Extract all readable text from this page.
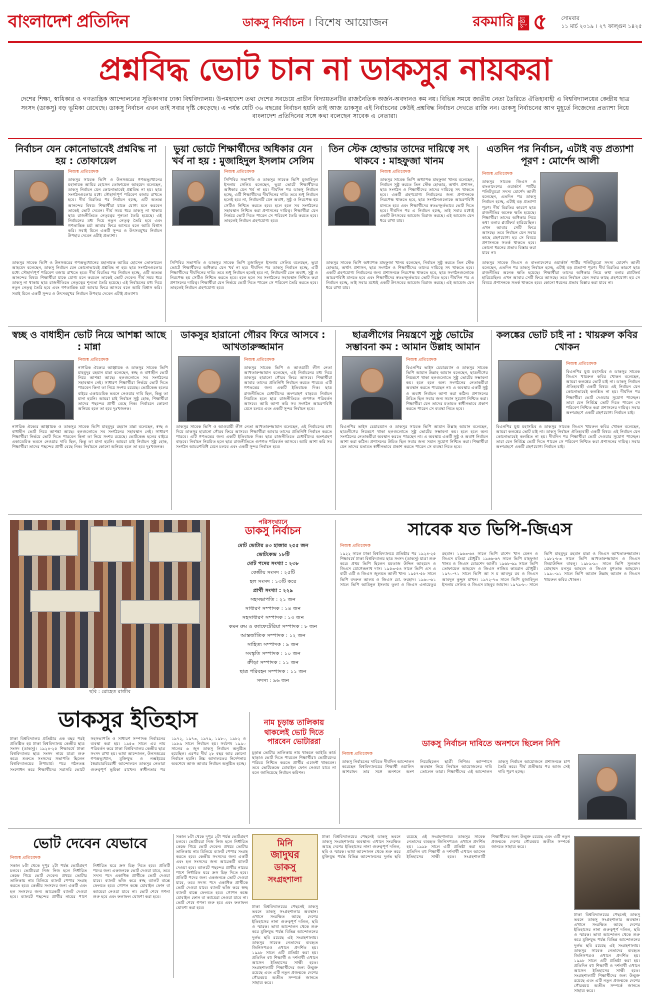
বাংলাদেশ প্রতিদিন	ডাকসু নির্বাচন । বিশেষ আয়োজন	রকমারি পৃষ্ঠা ৫	সোমবার
১১ মার্চ ২০১৯ । ২৭ ফাল্গুন ১৪২৫
প্রশ্নবিদ্ধ ভোট চান না ডাকসুর নায়করা
দেশের শিক্ষা, স্বাধিকার ও গণতান্ত্রিক আন্দোলনের সূতিকাগার ঢাকা বিশ্ববিদ্যালয়। উপমহাদেশ তথা দেশের সবচেয়ে প্রাচীন বিদ্যায়তনটির রাজনৈতিক অর্জন-অবদানও কম নয়। বিভিন্ন সময়ে জাতীয় নেতা তৈরিতে ঐতিহ্যবাহী এ বিশ্ববিদ্যালয়ের কেন্দ্রীয় ছাত্র সংসদ (ডাকসু) বড় ভূমিকা রেখেছে। ডাকসু নির্বাচন এখন তাই সবার দৃষ্টি কেড়েছে। এ পর্যন্ত যেটি ৩৬ বছরের নির্বাচন হয়নি তাই আজ ডাকসুর এই নির্বাচনের কেউই প্রশ্নবিদ্ধ নির্বাচন দেখতে রাজি নন। ডাকসু নির্বাচনের আগ মুহূর্তে নিজেদের প্রত্যাশা নিয়ে বাংলাদেশ প্রতিদিনের সঙ্গে কথা বলেছেন সাবেক এ নেতারা।
নির্বাচন যেন কোনোভাবেই প্রশ্নবিদ্ধ না হয় : তোফায়েল
নিজস্ব প্রতিবেদক
ডাকসুর সাবেক ভিপি ও উনসত্তরের গণঅভ্যুত্থানের মহানায়ক আমির হোসেন তোফায়েল আহমেদ বলেছেন, ডাকসু নির্বাচন যেন কোনোভাবেই প্রশ্নবিদ্ধ না হয়। ছাত্র সংগঠনগুলোর মধ্যে সৌহার্দ্যপূর্ণ পরিবেশ বজায় রাখতে হবে। দীর্ঘ বিরতির পর নির্বাচন হচ্ছে, এটি অত্যন্ত আনন্দের বিষয়। শিক্ষার্থীরা যাকে যোগ্য মনে করবেন তাকেই ভোট দেবেন। দীর্ঘ সময় ধরে ডাকসু না থাকায় ছাত্র রাজনীতিতে নেতৃত্বের শূন্যতা তৈরি হয়েছে। এই নির্বাচনের মধ্য দিয়ে নতুন নেতৃত্ব তৈরি হবে এবং গণতান্ত্রিক চর্চা আবার ফিরে আসবে বলে আমি বিশ্বাস করি। সবাই মিলে একটি সুন্দর ও উৎসবমুখর নির্বাচন উপহার দেবেন এটাই প্রত্যাশা।
ডাকসুর সাবেক ভিপি ও উনসত্তরের গণঅভ্যুত্থানের মহানায়ক আমির হোসেন তোফায়েল আহমেদ বলেছেন, ডাকসু নির্বাচন যেন কোনোভাবেই প্রশ্নবিদ্ধ না হয়। ছাত্র সংগঠনগুলোর মধ্যে সৌহার্দ্যপূর্ণ পরিবেশ বজায় রাখতে হবে। দীর্ঘ বিরতির পর নির্বাচন হচ্ছে, এটি অত্যন্ত আনন্দের বিষয়। শিক্ষার্থীরা যাকে যোগ্য মনে করবেন তাকেই ভোট দেবেন। দীর্ঘ সময় ধরে ডাকসু না থাকায় ছাত্র রাজনীতিতে নেতৃত্বের শূন্যতা তৈরি হয়েছে। এই নির্বাচনের মধ্য দিয়ে নতুন নেতৃত্ব তৈরি হবে এবং গণতান্ত্রিক চর্চা আবার ফিরে আসবে বলে আমি বিশ্বাস করি। সবাই মিলে একটি সুন্দর ও উৎসবমুখর নির্বাচন উপহার দেবেন এটাই প্রত্যাশা।
ভুয়া ভোটে শিক্ষার্থীদের অধিকার যেন খর্ব না হয় : মুজাহিদুল ইসলাম সেলিম
নিজস্ব প্রতিবেদক
সিপিবির সভাপতি ও ডাকসুর সাবেক ভিপি মুজাহিদুল ইসলাম সেলিম বলেছেন, ভুয়া ভোটে শিক্ষার্থীদের অধিকার যেন খর্ব না হয়। দীর্ঘদিন পর ডাকসু নির্বাচন হচ্ছে, এটি শিক্ষার্থীদের দীর্ঘদিনের দাবি। তবে শুধু নির্বাচন হলেই হবে না, নির্বাচনটি যেন অবাধ, সুষ্ঠু ও নিরপেক্ষ হয় সেটিও নিশ্চিত করতে হবে। হলে হলে সব সংগঠনের সহাবস্থান নিশ্চিত করা প্রশাসনের দায়িত্ব। শিক্ষার্থীরা যেন নির্ভয়ে ভোট দিতে পারেন সে পরিবেশ তৈরি করতে হবে। তাহলেই নির্বাচন গ্রহণযোগ্য হবে।
সিপিবির সভাপতি ও ডাকসুর সাবেক ভিপি মুজাহিদুল ইসলাম সেলিম বলেছেন, ভুয়া ভোটে শিক্ষার্থীদের অধিকার যেন খর্ব না হয়। দীর্ঘদিন পর ডাকসু নির্বাচন হচ্ছে, এটি শিক্ষার্থীদের দীর্ঘদিনের দাবি। তবে শুধু নির্বাচন হলেই হবে না, নির্বাচনটি যেন অবাধ, সুষ্ঠু ও নিরপেক্ষ হয় সেটিও নিশ্চিত করতে হবে। হলে হলে সব সংগঠনের সহাবস্থান নিশ্চিত করা প্রশাসনের দায়িত্ব। শিক্ষার্থীরা যেন নির্ভয়ে ভোট দিতে পারেন সে পরিবেশ তৈরি করতে হবে। তাহলেই নির্বাচন গ্রহণযোগ্য হবে।
তিন স্টেক হোল্ডার তাদের দায়িত্বে সৎ থাকবে : মাহফুজা খানম
নিজস্ব প্রতিবেদক
ডাকসুর সাবেক ভিপি অধ্যাপক মাহফুজা খানম বলেছেন, নির্বাচন সুষ্ঠু করতে তিন স্টেক হোল্ডার, অর্থাৎ প্রশাসন, ছাত্র সংগঠন ও শিক্ষার্থীদের তাদের দায়িত্বে সৎ থাকতে হবে। একটি গ্রহণযোগ্য নির্বাচনের জন্য প্রশাসনকে নিরপেক্ষ থাকতে হবে, ছাত্র সংগঠনগুলোকে আচরণবিধি মানতে হবে এবং শিক্ষার্থীদের স্বতঃস্ফূর্তভাবে ভোট দিতে হবে। দীর্ঘদিন পর এ নির্বাচন হচ্ছে, তাই সবার মধ্যেই একটি উৎসবের আমেজ বিরাজ করছে। এই আমেজ যেন ধরে রাখা যায়।
ডাকসুর সাবেক ভিপি অধ্যাপক মাহফুজা খানম বলেছেন, নির্বাচন সুষ্ঠু করতে তিন স্টেক হোল্ডার, অর্থাৎ প্রশাসন, ছাত্র সংগঠন ও শিক্ষার্থীদের তাদের দায়িত্বে সৎ থাকতে হবে। একটি গ্রহণযোগ্য নির্বাচনের জন্য প্রশাসনকে নিরপেক্ষ থাকতে হবে, ছাত্র সংগঠনগুলোকে আচরণবিধি মানতে হবে এবং শিক্ষার্থীদের স্বতঃস্ফূর্তভাবে ভোট দিতে হবে। দীর্ঘদিন পর এ নির্বাচন হচ্ছে, তাই সবার মধ্যেই একটি উৎসবের আমেজ বিরাজ করছে। এই আমেজ যেন ধরে রাখা যায়।
এতদিন পর নির্বাচন, এটাই বড় প্রত্যাশা পূরণ : মোর্শেদ আলী
নিজস্ব প্রতিবেদক
ডাকসুর সাবেক জিএস ও বাংলাদেশের ওয়ার্কার্স পার্টির পলিটব্যুরো সদস্য মোর্শেদ আলী বলেছেন, এতদিন পর ডাকসু নির্বাচন হচ্ছে, এটাই বড় প্রত্যাশা পূরণ। দীর্ঘ বিরতির কারণে ছাত্র রাজনীতির অনেক ক্ষতি হয়েছে। শিক্ষার্থীরা তাদের অধিকার নিয়ে কথা বলার প্ল্যাটফর্ম হারিয়েছিল। এখন আবার সেটি ফিরে আসছে। তবে নির্বাচন যেন সবার কাছে গ্রহণযোগ্য হয় সে বিষয়ে প্রশাসনকে সতর্ক থাকতে হবে। কোনো ধরনের প্রভাব বিস্তার করা যাবে না।
ডাকসুর সাবেক জিএস ও বাংলাদেশের ওয়ার্কার্স পার্টির পলিটব্যুরো সদস্য মোর্শেদ আলী বলেছেন, এতদিন পর ডাকসু নির্বাচন হচ্ছে, এটাই বড় প্রত্যাশা পূরণ। দীর্ঘ বিরতির কারণে ছাত্র রাজনীতির অনেক ক্ষতি হয়েছে। শিক্ষার্থীরা তাদের অধিকার নিয়ে কথা বলার প্ল্যাটফর্ম হারিয়েছিল। এখন আবার সেটি ফিরে আসছে। তবে নির্বাচন যেন সবার কাছে গ্রহণযোগ্য হয় সে বিষয়ে প্রশাসনকে সতর্ক থাকতে হবে। কোনো ধরনের প্রভাব বিস্তার করা যাবে না।
স্বচ্ছ ও বাধাহীন ভোট নিয়ে আশঙ্কা আছে : মান্না
নিজস্ব প্রতিবেদক
নাগরিক ঐক্যের আহ্বায়ক ও ডাকসুর সাবেক ভিপি মাহমুদুর রহমান মান্না বলেছেন, স্বচ্ছ ও বাধাহীন ভোট নিয়ে আশঙ্কা আছে। হলগুলোতে সব সংগঠনের সহাবস্থান নেই। সাধারণ শিক্ষার্থীরা নির্ভয়ে ভোট দিতে পারবেন কিনা তা নিয়ে সংশয় রয়েছে। ভোটকেন্দ্র হলের বাইরে একাডেমিক ভবনে নেওয়ার দাবি ছিল, কিন্তু তা মানা হয়নি। আমরা চাই নির্বাচন সুষ্ঠু হোক, শিক্ষার্থীরা তাদের পছন্দের প্রার্থী বেছে নিক। নির্বাচনে কোনো অনিয়ম হলে তা হবে দুঃখজনক।
নাগরিক ঐক্যের আহ্বায়ক ও ডাকসুর সাবেক ভিপি মাহমুদুর রহমান মান্না বলেছেন, স্বচ্ছ ও বাধাহীন ভোট নিয়ে আশঙ্কা আছে। হলগুলোতে সব সংগঠনের সহাবস্থান নেই। সাধারণ শিক্ষার্থীরা নির্ভয়ে ভোট দিতে পারবেন কিনা তা নিয়ে সংশয় রয়েছে। ভোটকেন্দ্র হলের বাইরে একাডেমিক ভবনে নেওয়ার দাবি ছিল, কিন্তু তা মানা হয়নি। আমরা চাই নির্বাচন সুষ্ঠু হোক, শিক্ষার্থীরা তাদের পছন্দের প্রার্থী বেছে নিক। নির্বাচনে কোনো অনিয়ম হলে তা হবে দুঃখজনক।
ডাকসুর হারানো গৌরব ফিরে আসবে : আখতারুজ্জামান
নিজস্ব প্রতিবেদক
ডাকসুর সাবেক ভিপি ও আওয়ামী লীগ নেতা আখতারুজ্জামান বলেছেন, এই নির্বাচনের মধ্য দিয়ে ডাকসুর হারানো গৌরব ফিরে আসবে। শিক্ষার্থীরা আবার তাদের প্রতিনিধি নির্বাচন করতে পারবে। এটি গণতন্ত্রের জন্য একটি ইতিবাচক দিক। ছাত্র রাজনীতিতে মেধাবীদের অংশগ্রহণ বাড়বে। নির্বাচন নিয়মিত হলে ছাত্র রাজনীতিতে গুণগত পরিবর্তন আসবে। আমি আশা করি সব সংগঠন আচরণবিধি মেনে চলবে এবং একটি সুন্দর নির্বাচন হবে।
ডাকসুর সাবেক ভিপি ও আওয়ামী লীগ নেতা আখতারুজ্জামান বলেছেন, এই নির্বাচনের মধ্য দিয়ে ডাকসুর হারানো গৌরব ফিরে আসবে। শিক্ষার্থীরা আবার তাদের প্রতিনিধি নির্বাচন করতে পারবে। এটি গণতন্ত্রের জন্য একটি ইতিবাচক দিক। ছাত্র রাজনীতিতে মেধাবীদের অংশগ্রহণ বাড়বে। নির্বাচন নিয়মিত হলে ছাত্র রাজনীতিতে গুণগত পরিবর্তন আসবে। আমি আশা করি সব সংগঠন আচরণবিধি মেনে চলবে এবং একটি সুন্দর নির্বাচন হবে।
ছাত্রলীগের নিয়ন্ত্রণে সুষ্ঠু ভোটের সম্ভাবনা কম : আমান উল্লাহ আমান
নিজস্ব প্রতিবেদক
বিএনপির ভাইস চেয়ারম্যান ও ডাকসুর সাবেক ভিপি আমান উল্লাহ আমান বলেছেন, ছাত্রলীগের নিয়ন্ত্রণে থাকা হলগুলোতে সুষ্ঠু ভোটের সম্ভাবনা কম। হলে হলে অন্য সংগঠনের নেতাকর্মীরা অবস্থান করতে পারছেন না। এ অবস্থায় একটি সুষ্ঠু ও অবাধ নির্বাচন আশা করা কঠিন। প্রশাসনের উচিত ছিল সবার জন্য সমান সুযোগ নিশ্চিত করা। শিক্ষার্থীরা যেন তাদের মতামত স্বাধীনভাবে প্রকাশ করতে পারেন সে ব্যবস্থা নিতে হবে।
বিএনপির ভাইস চেয়ারম্যান ও ডাকসুর সাবেক ভিপি আমান উল্লাহ আমান বলেছেন, ছাত্রলীগের নিয়ন্ত্রণে থাকা হলগুলোতে সুষ্ঠু ভোটের সম্ভাবনা কম। হলে হলে অন্য সংগঠনের নেতাকর্মীরা অবস্থান করতে পারছেন না। এ অবস্থায় একটি সুষ্ঠু ও অবাধ নির্বাচন আশা করা কঠিন। প্রশাসনের উচিত ছিল সবার জন্য সমান সুযোগ নিশ্চিত করা। শিক্ষার্থীরা যেন তাদের মতামত স্বাধীনভাবে প্রকাশ করতে পারেন সে ব্যবস্থা নিতে হবে।
কলঙ্কের ভোট চাই না : খায়রুল কবির খোকন
নিজস্ব প্রতিবেদক
বিএনপির যুগ্ম মহাসচিব ও ডাকসুর সাবেক জিএস খায়রুল কবির খোকন বলেছেন, আমরা কলঙ্কের ভোট চাই না। ডাকসু নির্বাচন ঐতিহ্যবাহী একটি বিষয়। এই নির্বাচন যেন কোনোভাবেই কলঙ্কিত না হয়। দীর্ঘদিন পর শিক্ষার্থীরা ভোট দেওয়ার সুযোগ পাচ্ছেন। তারা যেন নির্বিঘ্নে ভোট দিতে পারেন সে পরিবেশ নিশ্চিত করা প্রশাসনের দায়িত্ব। সবার অংশগ্রহণে একটি গ্রহণযোগ্য নির্বাচন চাই।
বিএনপির যুগ্ম মহাসচিব ও ডাকসুর সাবেক জিএস খায়রুল কবির খোকন বলেছেন, আমরা কলঙ্কের ভোট চাই না। ডাকসু নির্বাচন ঐতিহ্যবাহী একটি বিষয়। এই নির্বাচন যেন কোনোভাবেই কলঙ্কিত না হয়। দীর্ঘদিন পর শিক্ষার্থীরা ভোট দেওয়ার সুযোগ পাচ্ছেন। তারা যেন নির্বিঘ্নে ভোট দিতে পারেন সে পরিবেশ নিশ্চিত করা প্রশাসনের দায়িত্ব। সবার অংশগ্রহণে একটি গ্রহণযোগ্য নির্বাচন চাই।
ছবি : রোহেত রাজীব
পরিসংখ্যানে
ডাকসু নির্বাচন
মোট ভোটার ৪৩ হাজার ২৫৫ জন
ভোটকেন্দ্র ১৮টি
মোট পদের সংখ্যা : ২৩৮
কেন্দ্রীয় সংসদ : ২৫টি
হল সংসদ : ১৩টি করে
প্রার্থী সংখ্যা : ২২৯
সহসভাপতি : ২১ জন
সাধারণ সম্পাদক : ১৪ জন
সহসাধারণ সম্পাদক : ১৩ জন
কমন রুম ও ক্যাফেটেরিয়া সম্পাদক : ৮ জন
আন্তর্জাতিক সম্পাদক : ১২ জন
সাহিত্য সম্পাদক : ৯ জন
সংস্কৃতি সম্পাদক : ১০ জন
ক্রীড়া সম্পাদক : ১১ জন
ছাত্র পরিবহন সম্পাদক : ১১ জন
সদস্য : ৯৬ জন
সাবেক যত ভিপি-জিএস
নিজস্ব প্রতিবেদক
১৯২২ সালে ঢাকা বিশ্ববিদ্যালয়ে প্রতিষ্ঠার পর ১৯২৪-২৫ শিক্ষাবর্ষে ঢাকা বিশ্ববিদ্যালয় ছাত্র সংসদ (ডাকসু) যাত্রা শুরু করে। প্রথম ভিপি ছিলেন মমতাজ উদ্দিন আহমেদ ও জিএস যোগেন্দ্রনাথ দাস। ১৯৫৩-৫৪ সালে ভিপি এস এ বারী এটি ও জিএস জুলমত আলী খান। ১৯৫৭-৫৮ সালে ভিপি বদরুল আলম ও জিএস মো. ফরহাদ। ১৯৬০-৬১ সালে ভিপি আমিনুল ইসলাম তুলা ও জিএস এনায়েতুর রহমান। ১৯৬৩-৬৪ সালে ভিপি রাশেদ খান মেনন ও জিএস মতিয়া চৌধুরী। ১৯৬৬-৬৭ সালে ভিপি মাহফুজা খানম ও জিএস মোরশেদ আলী। ১৯৬৮-৬৯ সালে ভিপি তোফায়েল আহমেদ ও জিএস নাজিম কামরান চৌধুরী। ১৯৭০-৭১ সালে ভিপি আ স ম আবদুর রব ও জিএস আবদুল কুদ্দুস মাখন। ১৯৭২-৭৩ সালে ভিপি মুজাহিদুল ইসলাম সেলিম ও জিএস মাহবুব জামান। ১৯৭৯-৮০ সালে ভিপি মাহমুদুর রহমান মান্না ও জিএস আখতারুজ্জামান। ১৯৮২-৮৩ সালে ভিপি আখতারুজ্জামান ও জিএস জিয়াউদ্দিন বাবলু। ১৯৮৯-৯০ সালে ভিপি সুলতান মোহাম্মদ মনসুর আহমদ ও জিএস মুশতাক আহমেদ। ১৯৯০-৯১ সালে ভিপি আমান উল্লাহ আমান ও জিএস খায়রুল কবির খোকন।
ডাকসুর ইতিহাস
ঢাকা বিশ্ববিদ্যালয় প্রতিষ্ঠার এক বছর পরই প্রতিষ্ঠিত হয় ঢাকা বিশ্ববিদ্যালয় কেন্দ্রীয় ছাত্র সংসদ (ডাকসু)। ১৯২৪-২৫ শিক্ষাবর্ষে ঢাকা বিশ্ববিদ্যালয় ছাত্র সংসদ নামে যাত্রা শুরু করে। শুরুতে সংসদের সভাপতি ছিলেন বিশ্ববিদ্যালয়ের উপাচার্য। পরে গঠনতন্ত্র সংশোধন করে শিক্ষার্থীদের সরাসরি ভোটে সহসভাপতি ও সাধারণ সম্পাদক নির্বাচনের ব্যবস্থা করা হয়। ১৯৫৩ সালে এর নাম পরিবর্তন করে ঢাকা বিশ্ববিদ্যালয় কেন্দ্রীয় ছাত্র সংসদ রাখা হয়। ভাষা আন্দোলন, উনসত্তরের গণঅভ্যুত্থান, মুক্তিযুদ্ধ ও নব্বইয়ের স্বৈরাচারবিরোধী আন্দোলনে ডাকসুর নেতারা গুরুত্বপূর্ণ ভূমিকা রাখেন। স্বাধীনতার পর ১৯৭২, ১৯৭৩, ১৯৭৯, ১৯৮০, ১৯৮২ ও ১৯৮৯ সালে নির্বাচন হয়। সর্বশেষ ১৯৯০ সালের ৬ জুন ডাকসু নির্বাচন অনুষ্ঠিত হয়েছিল। এরপর দীর্ঘ ২৮ বছর আর কোনো নির্বাচন হয়নি। উচ্চ আদালতের নির্দেশনায় অবশেষে আজ আবার নির্বাচন অনুষ্ঠিত হচ্ছে।
নাম চূড়ান্ত তালিকায় থাকলেই ভোট দিতে পারবেন ভোটাররা
চূড়ান্ত ভোটার তালিকায় নাম থাকলে আইডি কার্ড ছাড়াও ভোট দিতে পারবেন শিক্ষার্থীরা। ভোটারদের পরিচয় নিশ্চিত করতে প্রার্থীর এজেন্ট থাকবেন। তবে ভোটকেন্দ্রে মোবাইল ফোন নেওয়া যাবে না বলে জানিয়েছে নির্বাচন কমিশন।
ডাকসু নির্বাচন দাবিতে অনশনে ছিলেন নিশি
নিজস্ব প্রতিবেদক
ডাকসু নির্বাচনের দাবিতে দীর্ঘদিন আন্দোলন করেছেন বিশ্ববিদ্যালয়ের শিক্ষার্থী ওয়ালিদ আশরাফ। তার সঙ্গে অনশনে অংশ নিয়েছিলেন ছাত্রী নিশিও। ক্যাম্পাসে অবস্থান নিয়ে নির্বাচন আয়োজনের দাবি তোলেন তারা। শিক্ষার্থীদের এই আন্দোলন ডাকসু নির্বাচন আয়োজনে প্রশাসনকে চাপ তৈরি করে। দীর্ঘ প্রতীক্ষার পর আজ সেই দাবি পূরণ হচ্ছে।
ভোট দেবেন যেভাবে
নিজস্ব প্রতিবেদক
সকাল ৮টা থেকে দুপুর ২টা পর্যন্ত ভোটগ্রহণ চলবে। ভোটাররা নিজ নিজ হলে নির্ধারিত কেন্দ্রে গিয়ে ভোট দেবেন। প্রথমে ভোটার তালিকায় নাম মিলিয়ে ব্যালট পেপার সংগ্রহ করতে হবে। কেন্দ্রীয় সংসদের জন্য একটি এবং হল সংসদের জন্য আরেকটি ব্যালট দেওয়া হবে। ব্যালটে পছন্দের প্রার্থীর নামের পাশে নির্ধারিত ঘরে ক্রস চিহ্ন দিতে হবে। প্রতিটি পদের জন্য একজনকে ভোট দেওয়া যাবে, তবে সদস্য পদে একাধিক প্রার্থীকে ভোট দেওয়া যাবে। ব্যালট ভাঁজ করে স্বচ্ছ ব্যালট বাক্সে ফেলতে হবে। গোপন কক্ষে মোবাইল ফোন বা ক্যামেরা নেওয়া যাবে না। ভোট শেষে গণনা শুরু হবে এবং ফলাফল ঘোষণা করা হবে।
সকাল ৮টা থেকে দুপুর ২টা পর্যন্ত ভোটগ্রহণ চলবে। ভোটাররা নিজ নিজ হলে নির্ধারিত কেন্দ্রে গিয়ে ভোট দেবেন। প্রথমে ভোটার তালিকায় নাম মিলিয়ে ব্যালট পেপার সংগ্রহ করতে হবে। কেন্দ্রীয় সংসদের জন্য একটি এবং হল সংসদের জন্য আরেকটি ব্যালট দেওয়া হবে। ব্যালটে পছন্দের প্রার্থীর নামের পাশে নির্ধারিত ঘরে ক্রস চিহ্ন দিতে হবে। প্রতিটি পদের জন্য একজনকে ভোট দেওয়া যাবে, তবে সদস্য পদে একাধিক প্রার্থীকে ভোট দেওয়া যাবে। ব্যালট ভাঁজ করে স্বচ্ছ ব্যালট বাক্সে ফেলতে হবে। গোপন কক্ষে মোবাইল ফোন বা ক্যামেরা নেওয়া যাবে না। ভোট শেষে গণনা শুরু হবে এবং ফলাফল ঘোষণা করা হবে।
মিনি
জাদুঘর
ডাকসু
সংগ্রহশালা
ঢাকা বিশ্ববিদ্যালয়ের পেছনেই ডাকসু ভবনে ডাকসু সংগ্রহশালার অবস্থান। এখানে সংরক্ষিত আছে দেশের ইতিহাসের নানা গুরুত্বপূর্ণ দলিল, ছবি ও স্মারক। ভাষা আন্দোলন থেকে শুরু করে মুক্তিযুদ্ধ পর্যন্ত বিভিন্ন আন্দোলনের দুর্লভ ছবি রয়েছে এই সংগ্রহশালায়। ডাকসুর সাবেক নেতাদের ব্যবহৃত জিনিসপত্রও এখানে প্রদর্শিত হয়। ১৯৯৮ সালে এটি প্রতিষ্ঠা করা হয়। প্রতিদিন বহু শিক্ষার্থী ও দর্শনার্থী এখানে আসেন ইতিহাসের সাক্ষী হতে। সংগ্রহশালাটি শিক্ষার্থীদের জন্য উন্মুক্ত রয়েছে এবং এটি নতুন প্রজন্মকে দেশের গৌরবময় অতীত সম্পর্কে জানতে সাহায্য করে।
ঢাকা বিশ্ববিদ্যালয়ের পেছনেই ডাকসু ভবনে ডাকসু সংগ্রহশালার অবস্থান। এখানে সংরক্ষিত আছে দেশের ইতিহাসের নানা গুরুত্বপূর্ণ দলিল, ছবি ও স্মারক। ভাষা আন্দোলন থেকে শুরু করে মুক্তিযুদ্ধ পর্যন্ত বিভিন্ন আন্দোলনের দুর্লভ ছবি রয়েছে এই সংগ্রহশালায়। ডাকসুর সাবেক নেতাদের ব্যবহৃত জিনিসপত্রও এখানে প্রদর্শিত হয়। ১৯৯৮ সালে এটি প্রতিষ্ঠা করা হয়। প্রতিদিন বহু শিক্ষার্থী ও দর্শনার্থী এখানে আসেন ইতিহাসের সাক্ষী হতে। সংগ্রহশালাটি শিক্ষার্থীদের জন্য উন্মুক্ত রয়েছে এবং এটি নতুন প্রজন্মকে দেশের গৌরবময় অতীত সম্পর্কে জানতে সাহায্য করে।
ঢাকা বিশ্ববিদ্যালয়ের পেছনেই ডাকসু ভবনে ডাকসু সংগ্রহশালার অবস্থান। এখানে সংরক্ষিত আছে দেশের ইতিহাসের নানা গুরুত্বপূর্ণ দলিল, ছবি ও স্মারক। ভাষা আন্দোলন থেকে শুরু করে মুক্তিযুদ্ধ পর্যন্ত বিভিন্ন আন্দোলনের দুর্লভ ছবি রয়েছে এই সংগ্রহশালায়। ডাকসুর সাবেক নেতাদের ব্যবহৃত জিনিসপত্রও এখানে প্রদর্শিত হয়। ১৯৯৮ সালে এটি প্রতিষ্ঠা করা হয়। প্রতিদিন বহু শিক্ষার্থী ও দর্শনার্থী এখানে আসেন ইতিহাসের সাক্ষী হতে। সংগ্রহশালাটি শিক্ষার্থীদের জন্য উন্মুক্ত রয়েছে এবং এটি নতুন প্রজন্মকে দেশের গৌরবময় অতীত সম্পর্কে জানতে সাহায্য করে।
